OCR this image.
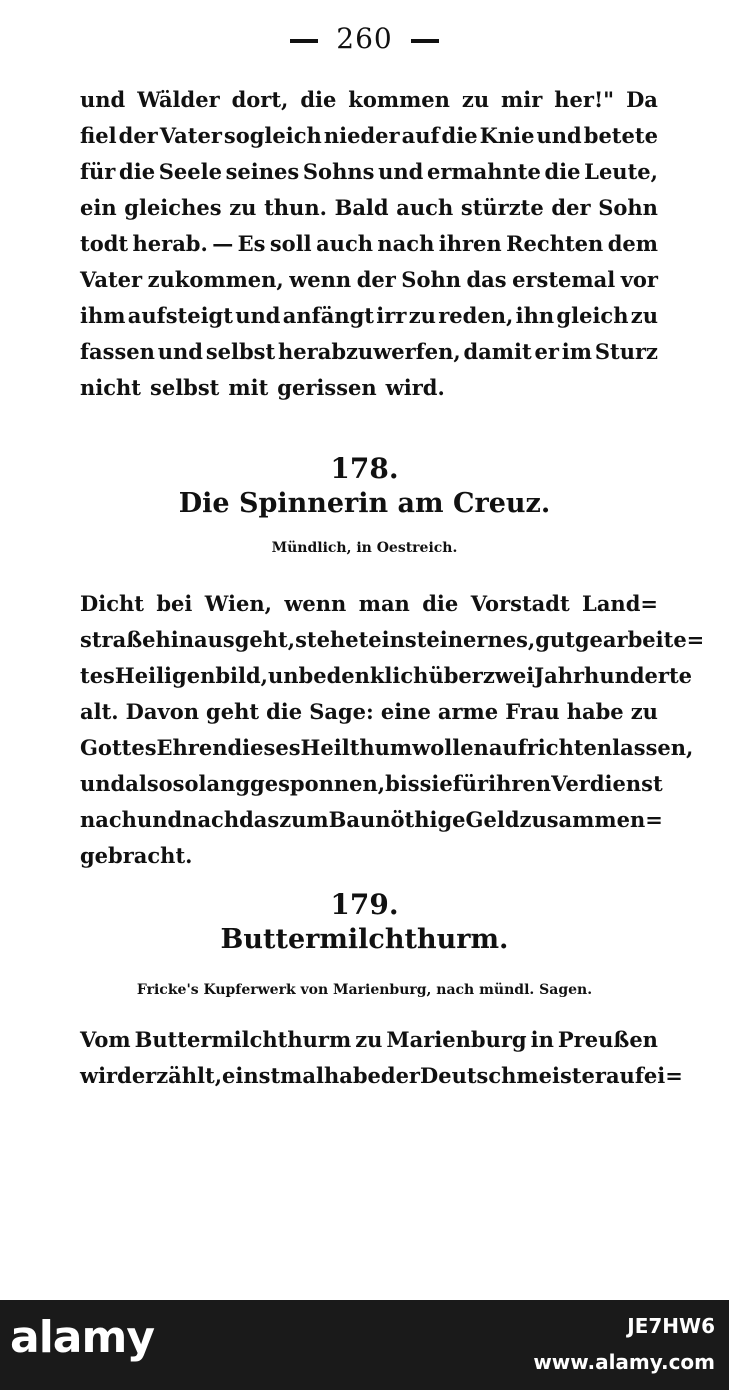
260
und Wälder dort, die kommen zu mir her!" Da
fiel der Vater sogleich nieder auf die Knie und betete
für die Seele seines Sohns und ermahnte die Leute,
ein gleiches zu thun. Bald auch stürzte der Sohn
todt herab. — Es soll auch nach ihren Rechten dem
Vater zukommen, wenn der Sohn das erstemal vor
ihm aufsteigt und anfängt irr zu reden, ihn gleich zu
fassen und selbst herabzuwerfen, damit er im Sturz
nicht selbst mit gerissen wird.
178.
Die Spinnerin am Creuz.
Mündlich, in Oestreich.
Dicht bei Wien, wenn man die Vorstadt Land=
straße hinausgeht, stehet ein steinernes, gut gearbeite=
tes Heiligenbild, unbedenklich über zwei Jahrhunderte
alt. Davon geht die Sage: eine arme Frau habe zu
Gottes Ehren dieses Heilthum wollen aufrichten lassen,
und also so lang gesponnen, bis sie für ihren Verdienst
nach und nach das zum Bau nöthige Geld zusammen=
gebracht.
179.
Buttermilchthurm.
Fricke's Kupferwerk von Marienburg, nach mündl. Sagen.
Vom Buttermilchthurm zu Marienburg in Preußen
wird erzählt, einstmal habe der Deutschmeister auf ei=
alamy	JE7HW6
www.alamy.com
